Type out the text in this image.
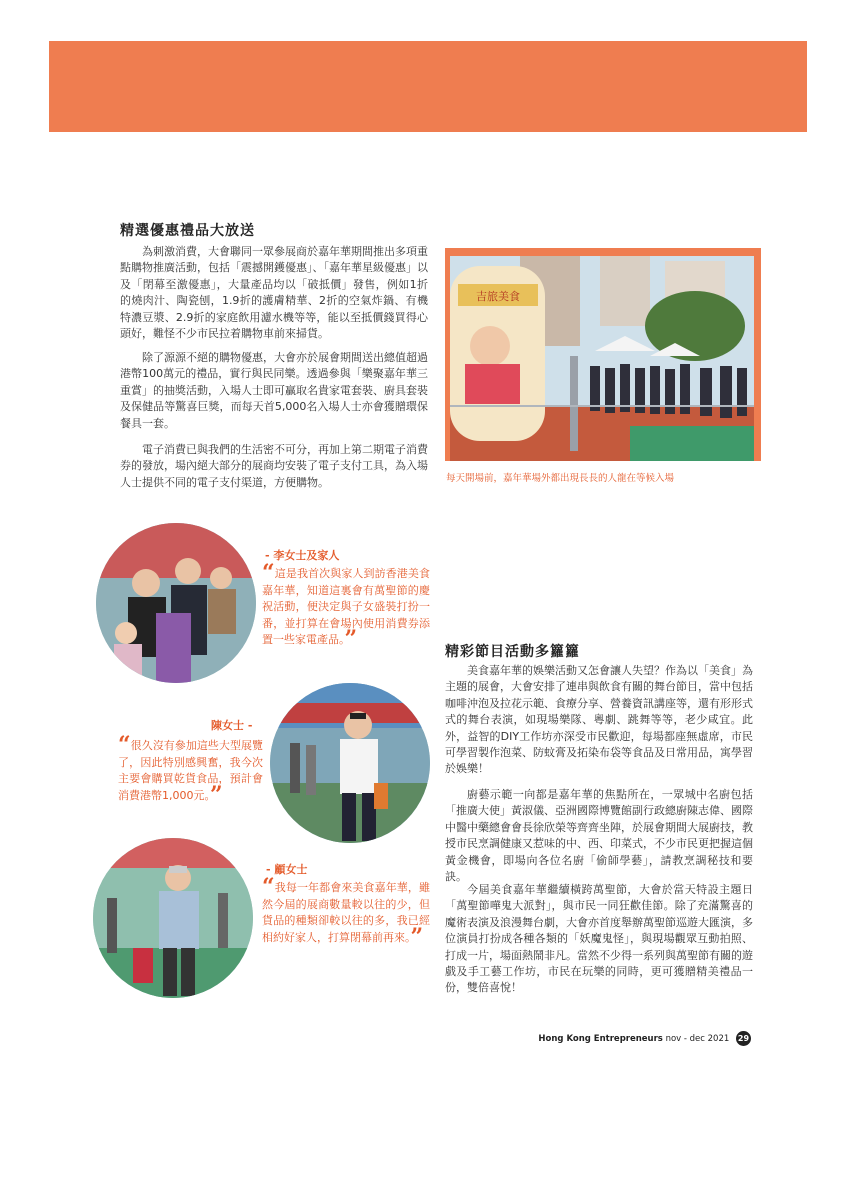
精選優惠禮品大放送

為刺激消費，大會聯同一眾參展商於嘉年華期間推出多項重點購物推廣活動，包括「震撼開鑊優惠」、「嘉年華星級優惠」以及「閉幕至激優惠」，大量產品均以「破抵價」發售，例如1折的燒肉汁、陶瓷刨，1.9折的護膚精華、2折的空氣炸鍋、有機特濃豆漿、2.9折的家庭飲用濾水機等等，能以至抵價錢買得心頭好，難怪不少市民拉着購物車前來掃貨。

除了源源不絕的購物優惠，大會亦於展會期間送出總值超過港幣100萬元的禮品，實行與民同樂。透過參與「樂聚嘉年華三重賞」的抽獎活動，入場人士即可贏取名貴家電套裝、廚具套裝及保健品等驚喜巨獎，而每天首5,000名入場人士亦會獲贈環保餐具一套。

電子消費已與我們的生活密不可分，再加上第二期電子消費券的發放，場內絕大部分的展商均安裝了電子支付工具，為入場人士提供不同的電子支付渠道，方便購物。

吉旅美食
每天開場前，嘉年華場外都出現長長的人龍在等候入場
- 李女士及家人

“這是我首次與家人到訪香港美食嘉年華，知道這裏會有萬聖節的慶祝活動，便決定與子女盛裝打扮一番，並打算在會場內使用消費券添置一些家電產品。”

陳女士 -

“很久沒有參加這些大型展覽了，因此特別感興奮，我今次主要會購買乾貨食品，預計會消費港幣1,000元。”

- 顧女士

“我每一年都會來美食嘉年華，雖然今屆的展商數量較以往的少，但貨品的種類卻較以往的多，我已經相約好家人，打算閉幕前再來。”

精彩節目活動多籮籮

美食嘉年華的娛樂活動又怎會讓人失望？作為以「美食」為主題的展會，大會安排了連串與飲食有關的舞台節目，當中包括咖啡沖泡及拉花示範、食療分享、營養資訊講座等，還有形形式式的舞台表演，如現場樂隊、粵劇、跳舞等等，老少咸宜。此外，益智的DIY工作坊亦深受市民歡迎，每場都座無虛席，市民可學習製作泡菜、防蚊膏及拓染布袋等食品及日常用品，寓學習於娛樂！

廚藝示範一向都是嘉年華的焦點所在，一眾城中名廚包括「推廣大使」黃淑儀、亞洲國際博覽館副行政總廚陳志偉、國際中醫中藥總會會長徐欣榮等齊齊坐陣，於展會期間大展廚技，教授市民烹調健康又惹味的中、西、印菜式，不少市民更把握這個黃金機會，即場向各位名廚「偷師學藝」，請教烹調秘技和要訣。

今屆美食嘉年華繼續橫跨萬聖節，大會於當天特設主題日「萬聖節嘩鬼大派對」，與市民一同狂歡佳節。除了充滿驚喜的魔術表演及浪漫舞台劇，大會亦首度舉辦萬聖節巡遊大匯演，多位演員打扮成各種各類的「妖魔鬼怪」，與現場觀眾互動拍照、打成一片，場面熱鬧非凡。當然不少得一系列與萬聖節有關的遊戲及手工藝工作坊，市民在玩樂的同時，更可獲贈精美禮品一份，雙倍喜悅！

Hong Kong Entrepreneurs nov - dec 2021 29
